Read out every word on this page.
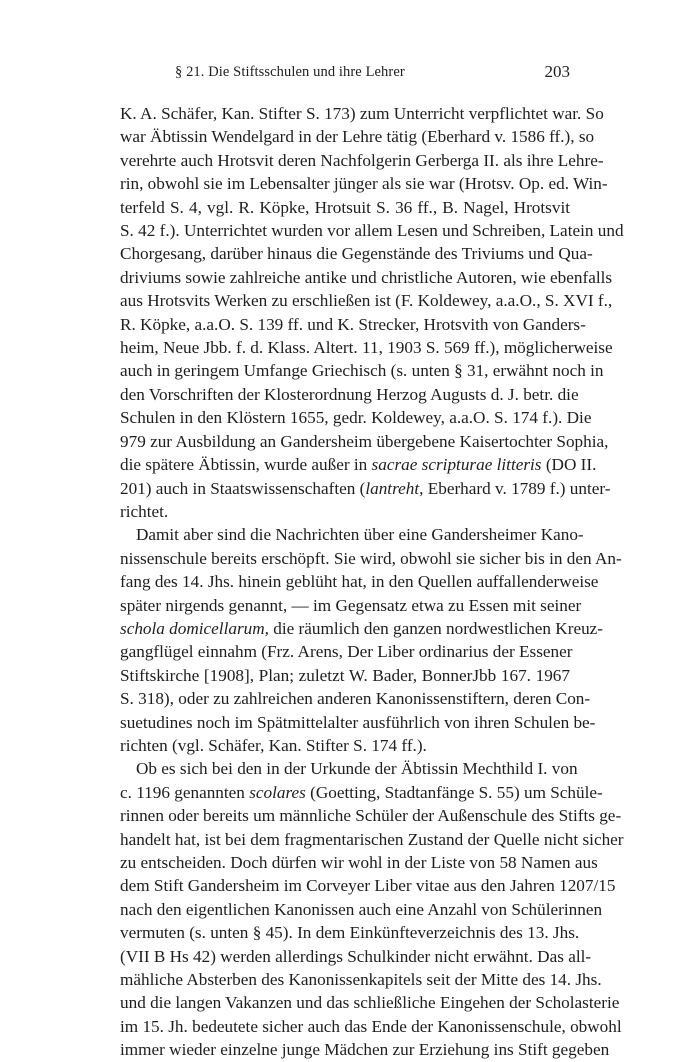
§ 21. Die Stiftsschulen und ihre Lehrer	203

K. A. Schäfer, Kan. Stifter S. 173) zum Unterricht verpflichtet war. So
war Äbtissin Wendelgard in der Lehre tätig (Eberhard v. 1586 ff.), so
verehrte auch Hrotsvit deren Nachfolgerin Gerberga II. als ihre Lehre-
rin, obwohl sie im Lebensalter jünger als sie war (Hrotsv. Op. ed. Win-
terfeld S. 4, vgl. R. Köpke, Hrotsuit S. 36 ff., B. Nagel, Hrotsvit
S. 42 f.). Unterrichtet wurden vor allem Lesen und Schreiben, Latein und
Chorgesang, darüber hinaus die Gegenstände des Triviums und Qua-
driviums sowie zahlreiche antike und christliche Autoren, wie ebenfalls
aus Hrotsvits Werken zu erschließen ist (F. Koldewey, a.a.O., S. XVI f.,
R. Köpke, a.a.O. S. 139 ff. und K. Strecker, Hrotsvith von Ganders-
heim, Neue Jbb. f. d. Klass. Altert. 11, 1903 S. 569 ff.), möglicherweise
auch in geringem Umfange Griechisch (s. unten § 31, erwähnt noch in
den Vorschriften der Klosterordnung Herzog Augusts d. J. betr. die
Schulen in den Klöstern 1655, gedr. Koldewey, a.a.O. S. 174 f.). Die
979 zur Ausbildung an Gandersheim übergebene Kaisertochter Sophia,
die spätere Äbtissin, wurde außer in sacrae scripturae litteris (DO II.
201) auch in Staatswissenschaften (lantreht, Eberhard v. 1789 f.) unter-
richtet.

Damit aber sind die Nachrichten über eine Gandersheimer Kano-
nissenschule bereits erschöpft. Sie wird, obwohl sie sicher bis in den An-
fang des 14. Jhs. hinein geblüht hat, in den Quellen auffallenderweise
später nirgends genannt, — im Gegensatz etwa zu Essen mit seiner
schola domicellarum, die räumlich den ganzen nordwestlichen Kreuz-
gangflügel einnahm (Frz. Arens, Der Liber ordinarius der Essener
Stiftskirche [1908], Plan; zuletzt W. Bader, BonnerJbb 167. 1967
S. 318), oder zu zahlreichen anderen Kanonissenstiftern, deren Con-
suetudines noch im Spätmittelalter ausführlich von ihren Schulen be-
richten (vgl. Schäfer, Kan. Stifter S. 174 ff.).

Ob es sich bei den in der Urkunde der Äbtissin Mechthild I. von
c. 1196 genannten scolares (Goetting, Stadtanfänge S. 55) um Schüle-
rinnen oder bereits um männliche Schüler der Außenschule des Stifts ge-
handelt hat, ist bei dem fragmentarischen Zustand der Quelle nicht sicher
zu entscheiden. Doch dürfen wir wohl in der Liste von 58 Namen aus
dem Stift Gandersheim im Corveyer Liber vitae aus den Jahren 1207/15
nach den eigentlichen Kanonissen auch eine Anzahl von Schülerinnen
vermuten (s. unten § 45). In dem Einkünfteverzeichnis des 13. Jhs.
(VII B Hs 42) werden allerdings Schulkinder nicht erwähnt. Das all-
mähliche Absterben des Kanonissenkapitels seit der Mitte des 14. Jhs.
und die langen Vakanzen und das schließliche Eingehen der Scholasterie
im 15. Jh. bedeutete sicher auch das Ende der Kanonissenschule, obwohl
immer wieder einzelne junge Mädchen zur Erziehung ins Stift gegeben
